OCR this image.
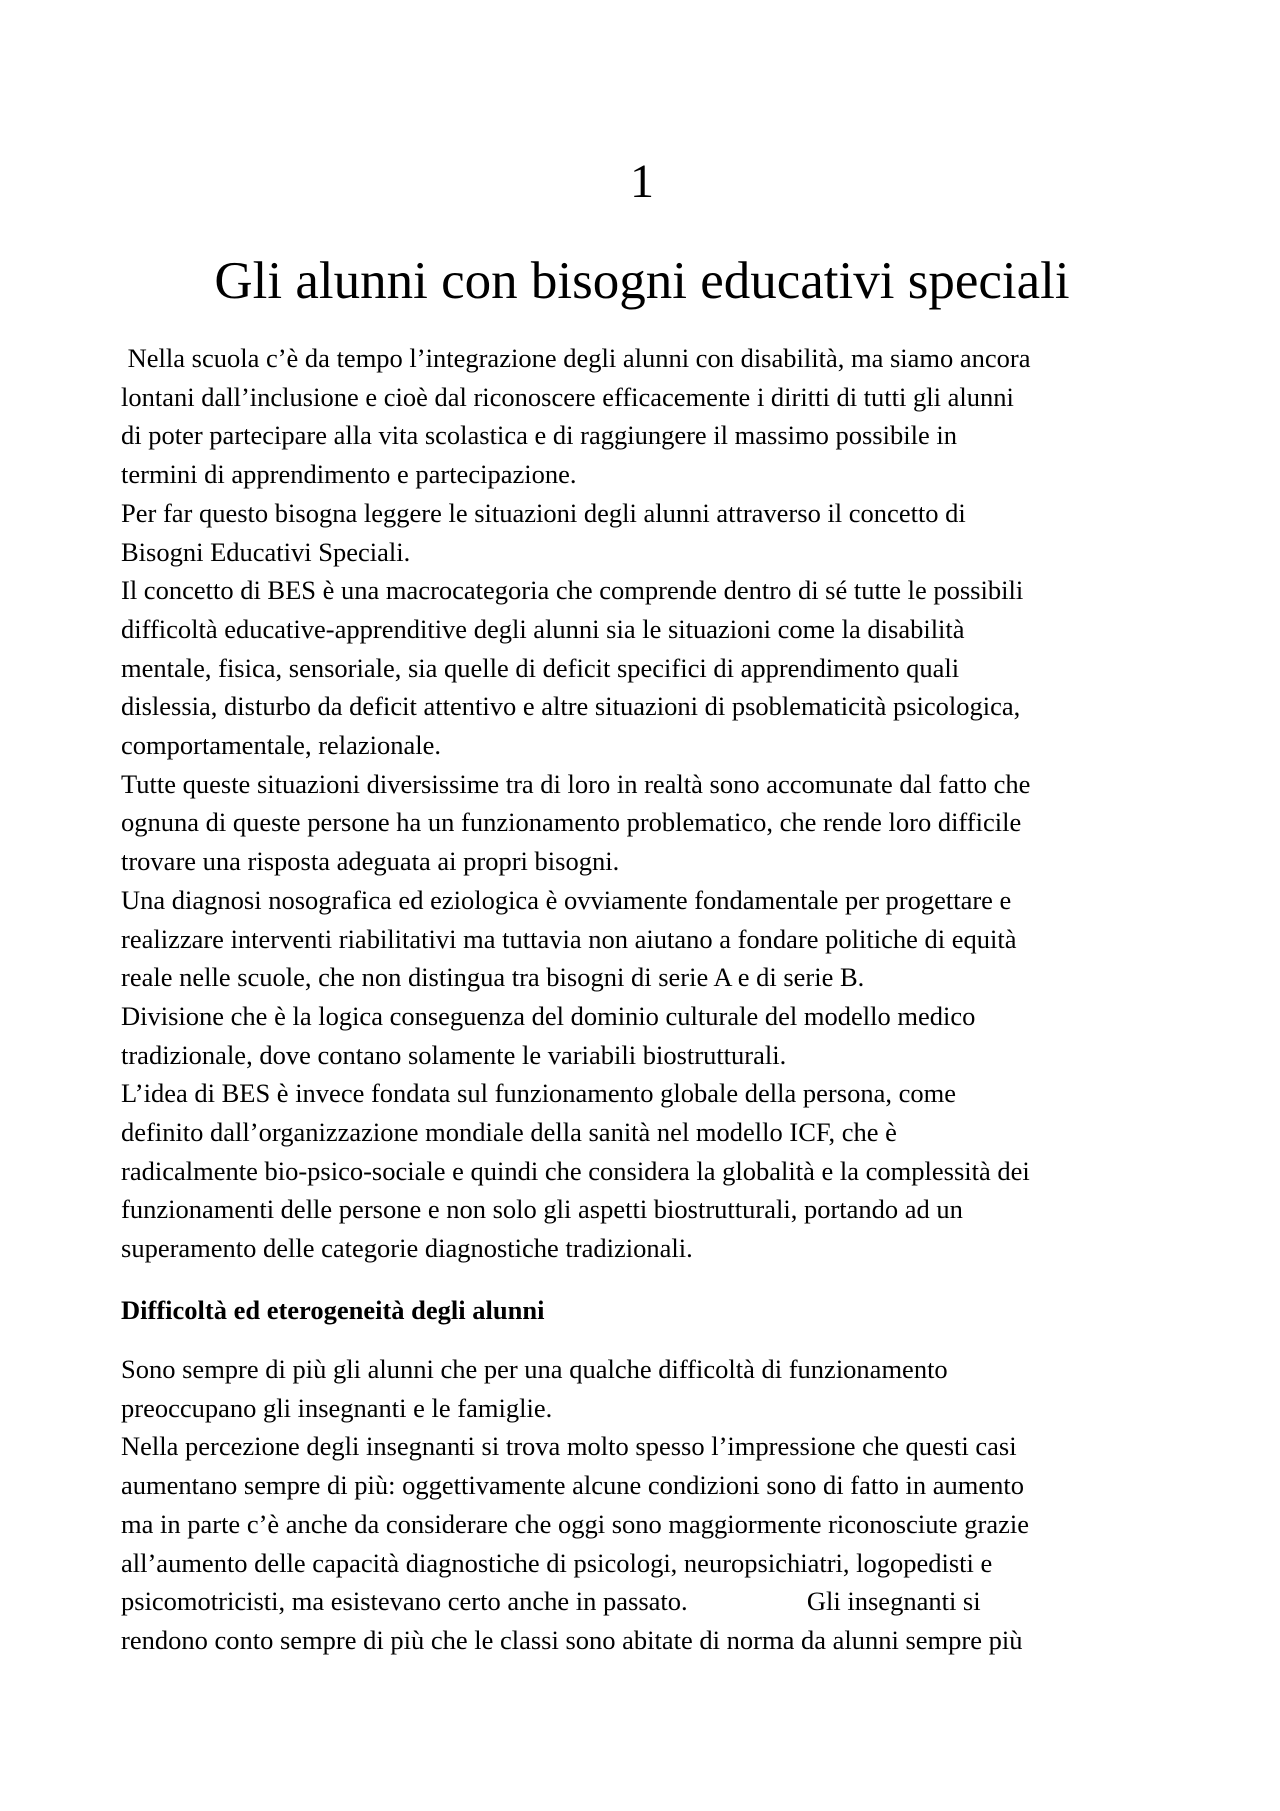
1
Gli alunni con bisogni educativi speciali
Nella scuola c’è da tempo l’integrazione degli alunni con disabilità, ma siamo ancora
lontani dall’inclusione e cioè dal riconoscere efficacemente i diritti di tutti gli alunni
di poter partecipare alla vita scolastica e di raggiungere il massimo possibile in
termini di apprendimento e partecipazione.
Per far questo bisogna leggere le situazioni degli alunni attraverso il concetto di
Bisogni Educativi Speciali.
Il concetto di BES è una macrocategoria che comprende dentro di sé tutte le possibili
difficoltà educative-apprenditive degli alunni sia le situazioni come la disabilità
mentale, fisica, sensoriale, sia quelle di deficit specifici di apprendimento quali
dislessia, disturbo da deficit attentivo e altre situazioni di psoblematicità psicologica,
comportamentale, relazionale.
Tutte queste situazioni diversissime tra di loro in realtà sono accomunate dal fatto che
ognuna di queste persone ha un funzionamento problematico, che rende loro difficile
trovare una risposta adeguata ai propri bisogni.
Una diagnosi nosografica ed eziologica è ovviamente fondamentale per progettare e
realizzare interventi riabilitativi ma tuttavia non aiutano a fondare politiche di equità
reale nelle scuole, che non distingua tra bisogni di serie A e di serie B.
Divisione che è la logica conseguenza del dominio culturale del modello medico
tradizionale, dove contano solamente le variabili biostrutturali.
L’idea di BES è invece fondata sul funzionamento globale della persona, come
definito dall’organizzazione mondiale della sanità nel modello ICF, che è
radicalmente bio-psico-sociale e quindi che considera la globalità e la complessità dei
funzionamenti delle persone e non solo gli aspetti biostrutturali, portando ad un
superamento delle categorie diagnostiche tradizionali.
Difficoltà ed eterogeneità degli alunni
Sono sempre di più gli alunni che per una qualche difficoltà di funzionamento
preoccupano gli insegnanti e le famiglie.
Nella percezione degli insegnanti si trova molto spesso l’impressione che questi casi
aumentano sempre di più: oggettivamente alcune condizioni sono di fatto in aumento
ma in parte c’è anche da considerare che oggi sono maggiormente riconosciute grazie
all’aumento delle capacità diagnostiche di psicologi, neuropsichiatri, logopedisti e
psicomotricisti, ma esistevano certo anche in passato.                  Gli insegnanti si
rendono conto sempre di più che le classi sono abitate di norma da alunni sempre più
